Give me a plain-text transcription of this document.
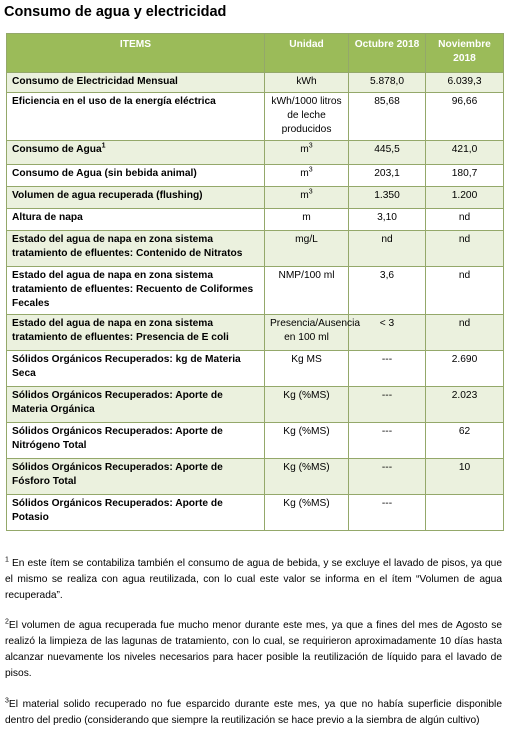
Consumo de agua y electricidad
ITEMS	Unidad	Octubre 2018	Noviembre 2018
Consumo de Electricidad Mensual	kWh	5.878,0	6.039,3
Eficiencia en el uso de la energía eléctrica	kWh/1000 litros de leche producidos	85,68	96,66
Consumo de Agua$^1$	$m^3$	445,5	421,0
Consumo de Agua (sin bebida animal)	$m^3$	203,1	180,7
Volumen de agua recuperada (flushing)	$m^3$	1.350	1.200
Altura de napa	m	3,10	nd
Estado del agua de napa en zona sistema tratamiento de efluentes: Contenido de Nitratos	mg/L	nd	nd
Estado del agua de napa en zona sistema tratamiento de efluentes: Recuento de Coliformes Fecales	NMP/100 ml	3,6	nd
Estado del agua de napa en zona sistema tratamiento de efluentes: Presencia de E coli	Presencia/Ausencia en 100 ml	< 3	nd
Sólidos Orgánicos Recuperados: kg de Materia Seca	Kg MS	---	2.690
Sólidos Orgánicos Recuperados: Aporte de Materia Orgánica	Kg (%MS)	---	2.023
Sólidos Orgánicos Recuperados: Aporte de Nitrógeno Total	Kg (%MS)	---	62
Sólidos Orgánicos Recuperados: Aporte de Fósforo Total	Kg (%MS)	---	10
Sólidos Orgánicos Recuperados: Aporte de Potasio	Kg (%MS)	---	
$^1$ En este ítem se contabiliza también el consumo de agua de bebida, y se excluye el lavado de pisos, ya que el mismo se realiza con agua reutilizada, con lo cual este valor se informa en el ítem “Volumen de agua recuperada”.
$^2$El volumen de agua recuperada fue mucho menor durante este mes, ya que a fines del mes de Agosto se realizó la limpieza de las lagunas de tratamiento, con lo cual, se requirieron aproximadamente 10 días hasta alcanzar nuevamente los niveles necesarios para hacer posible la reutilización de líquido para el lavado de pisos.
$^3$El material solido recuperado no fue esparcido durante este mes, ya que no había superficie disponible dentro del predio (considerando que siempre la reutilización se hace previo a la siembra de algún cultivo)
